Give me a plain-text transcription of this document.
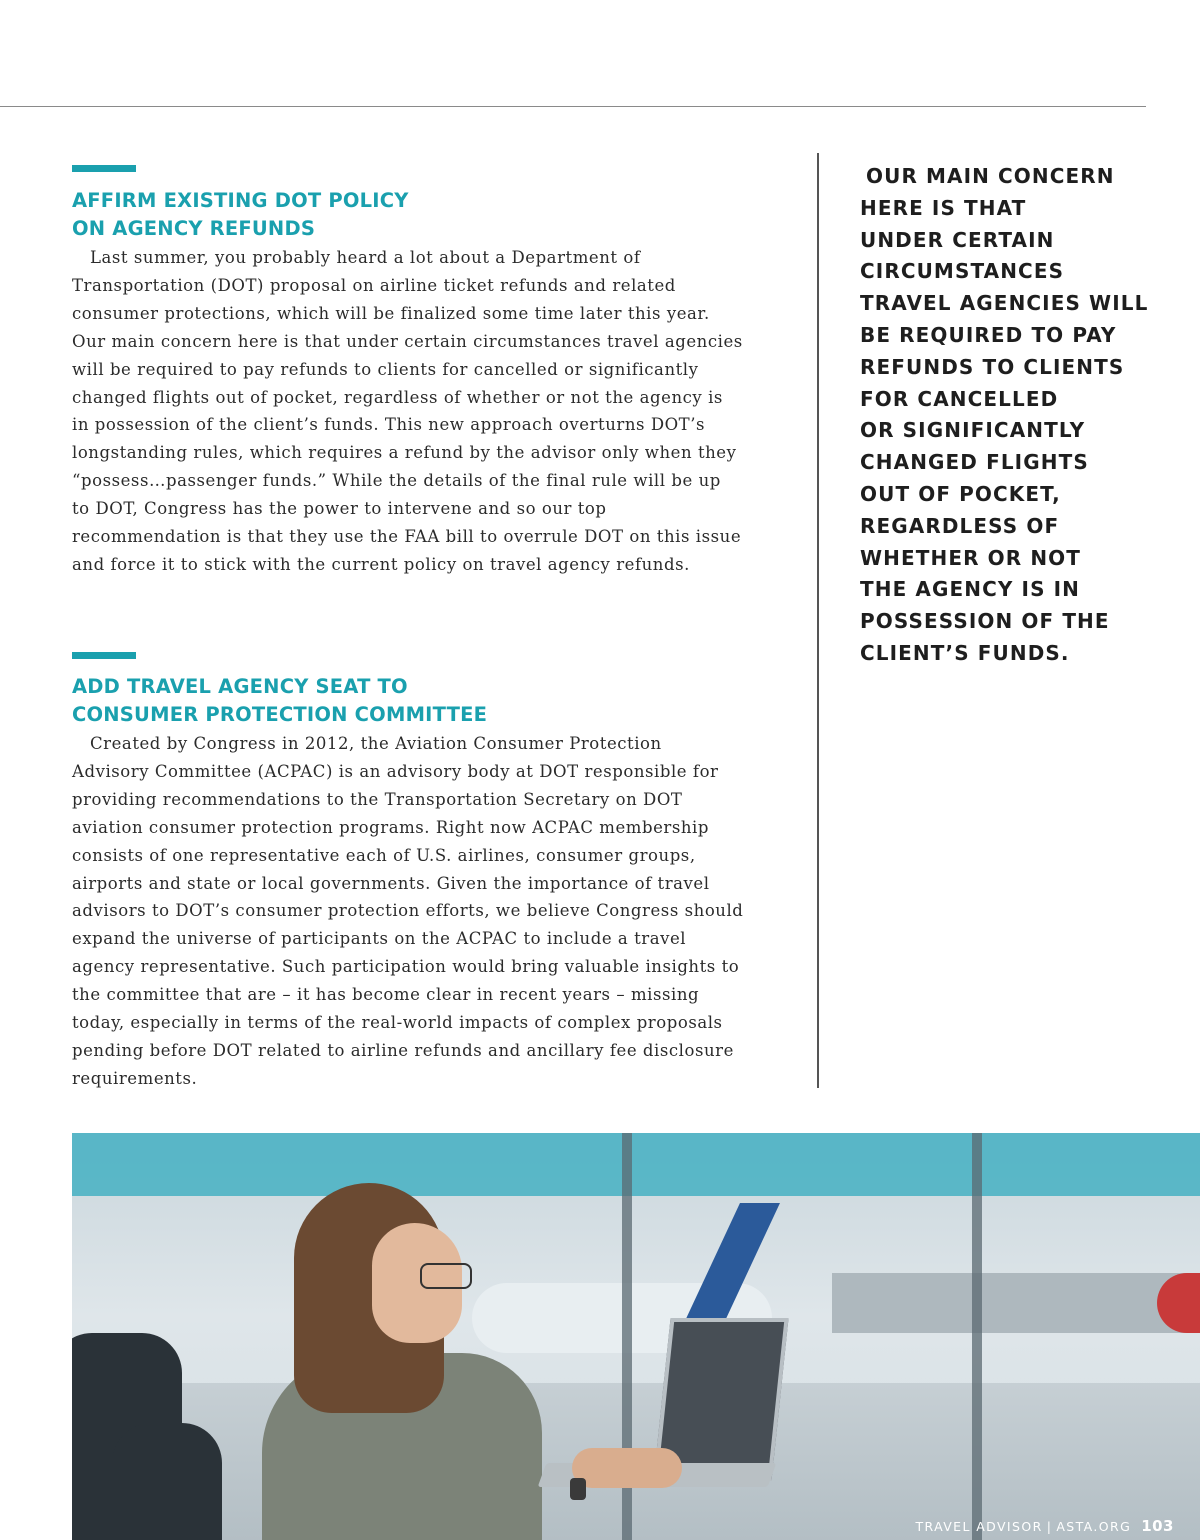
AFFIRM EXISTING DOT POLICY
ON AGENCY REFUNDS

Last summer, you probably heard a lot about a Department of Transportation (DOT) proposal on airline ticket refunds and related consumer protections, which will be finalized some time later this year. Our main concern here is that under certain circumstances travel agencies will be required to pay refunds to clients for cancelled or significantly changed flights out of pocket, regardless of whether or not the agency is in possession of the client’s funds. This new approach overturns DOT’s longstanding rules, which requires a refund by the advisor only when they “possess…passenger funds.” While the details of the final rule will be up to DOT, Congress has the power to intervene and so our top recommendation is that they use the FAA bill to overrule DOT on this issue and force it to stick with the current policy on travel agency refunds.

ADD TRAVEL AGENCY SEAT TO
CONSUMER PROTECTION COMMITTEE

Created by Congress in 2012, the Aviation Consumer Protection Advisory Committee (ACPAC) is an advisory body at DOT responsible for providing recommendations to the Transportation Secretary on DOT aviation consumer protection programs. Right now ACPAC membership consists of one representative each of U.S. airlines, consumer groups, airports and state or local governments. Given the importance of travel advisors to DOT’s consumer protection efforts, we believe Congress should expand the universe of participants on the ACPAC to include a travel agency representative. Such participation would bring valuable insights to the committee that are – it has become clear in recent years – missing today, especially in terms of the real-world impacts of complex proposals pending before DOT related to airline refunds and ancillary fee disclosure requirements.

OUR MAIN CONCERN
HERE IS THAT
UNDER CERTAIN
CIRCUMSTANCES
TRAVEL AGENCIES WILL
BE REQUIRED TO PAY
REFUNDS TO CLIENTS
FOR CANCELLED
OR SIGNIFICANTLY
CHANGED FLIGHTS
OUT OF POCKET,
REGARDLESS OF
WHETHER OR NOT
THE AGENCY IS IN
POSSESSION OF THE
CLIENT’S FUNDS.
TRAVEL ADVISOR | ASTA.ORG 103
